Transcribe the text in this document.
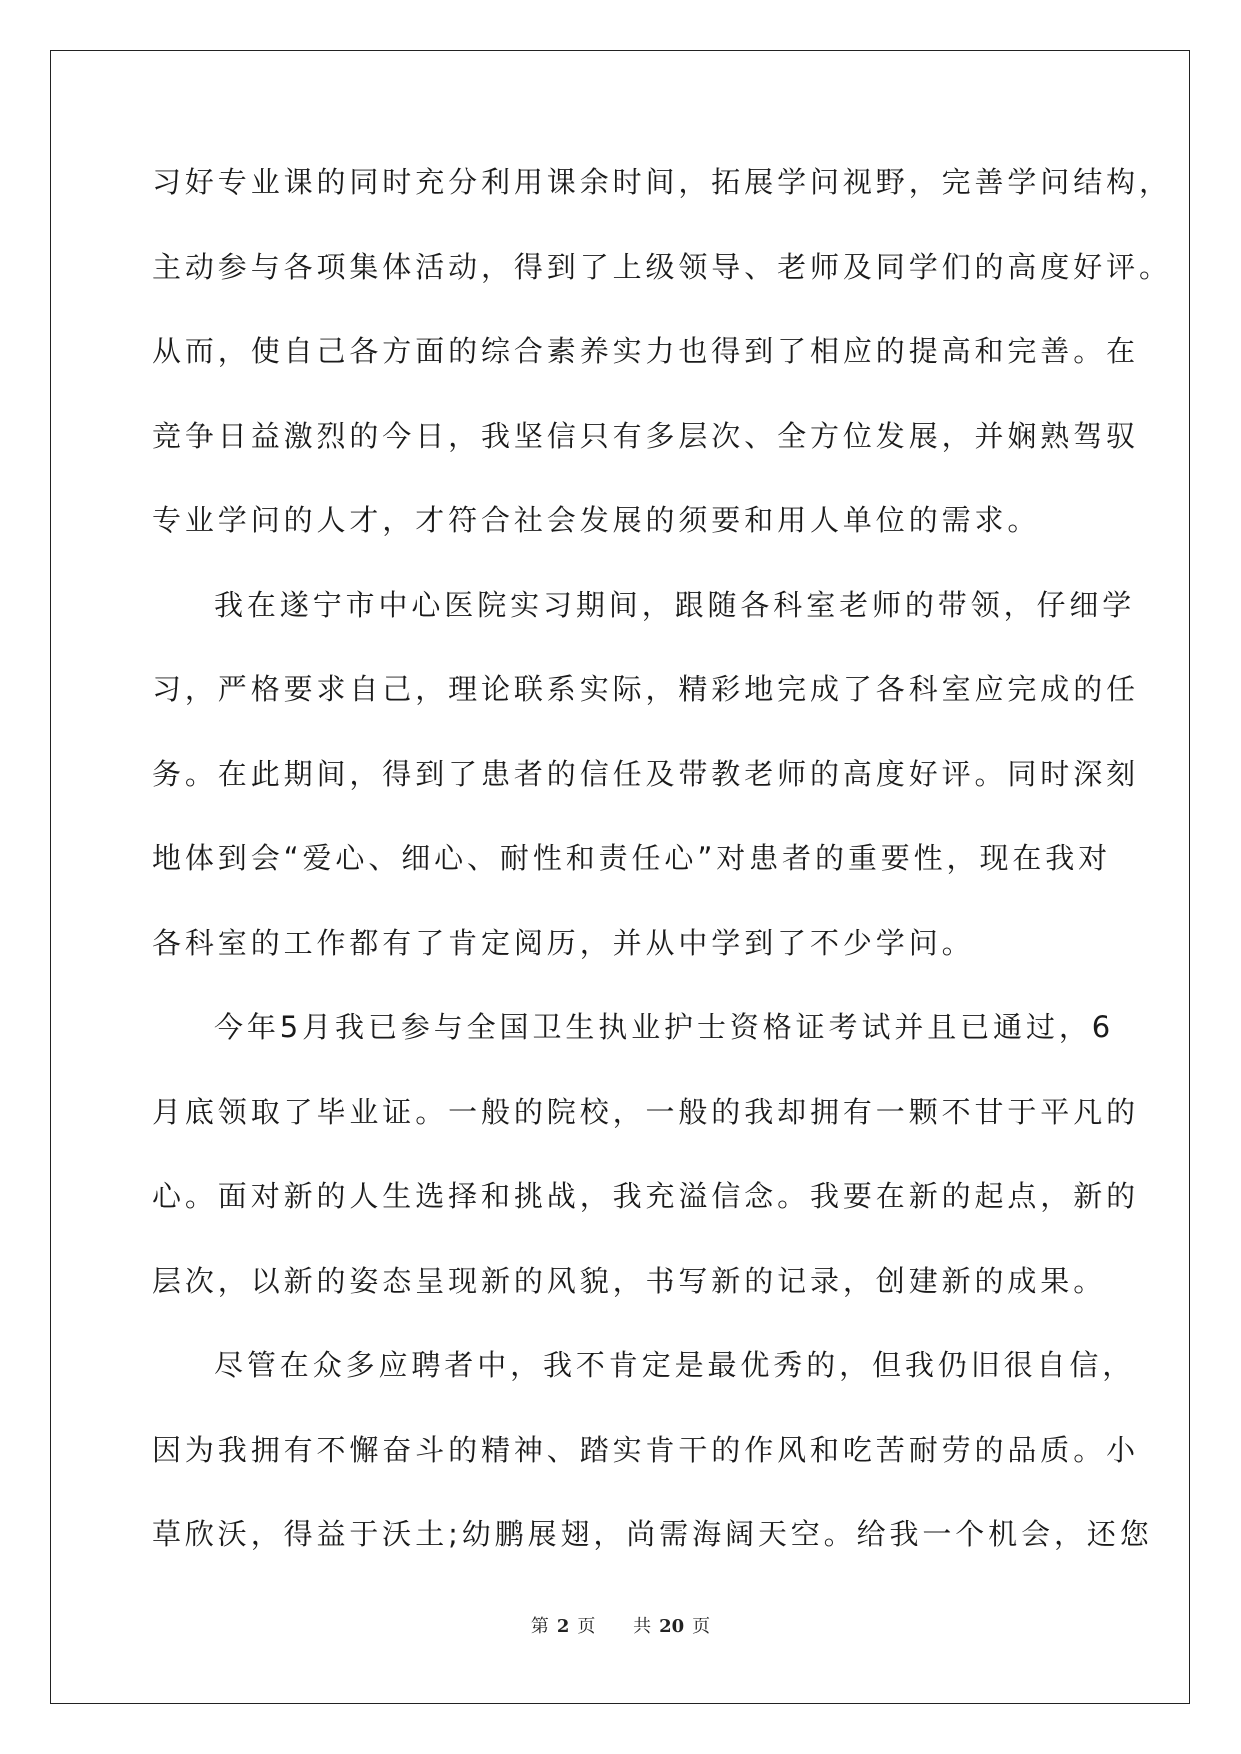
习好专业课的同时充分利用课余时间，拓展学问视野，完善学问结构，
主动参与各项集体活动，得到了上级领导、老师及同学们的高度好评。
从而，使自己各方面的综合素养实力也得到了相应的提高和完善。在
竞争日益激烈的今日，我坚信只有多层次、全方位发展，并娴熟驾驭
专业学问的人才，才符合社会发展的须要和用人单位的需求。
我在遂宁市中心医院实习期间，跟随各科室老师的带领，仔细学
习，严格要求自己，理论联系实际，精彩地完成了各科室应完成的任
务。在此期间，得到了患者的信任及带教老师的高度好评。同时深刻
地体到会“爱心、细心、耐性和责任心”对患者的重要性，现在我对
各科室的工作都有了肯定阅历，并从中学到了不少学问。
今年5月我已参与全国卫生执业护士资格证考试并且已通过，6
月底领取了毕业证。一般的院校，一般的我却拥有一颗不甘于平凡的
心。面对新的人生选择和挑战，我充溢信念。我要在新的起点，新的
层次，以新的姿态呈现新的风貌，书写新的记录，创建新的成果。
尽管在众多应聘者中，我不肯定是最优秀的，但我仍旧很自信，
因为我拥有不懈奋斗的精神、踏实肯干的作风和吃苦耐劳的品质。小
草欣沃，得益于沃土;幼鹏展翅，尚需海阔天空。给我一个机会，还您
第 2 页 共 20 页
